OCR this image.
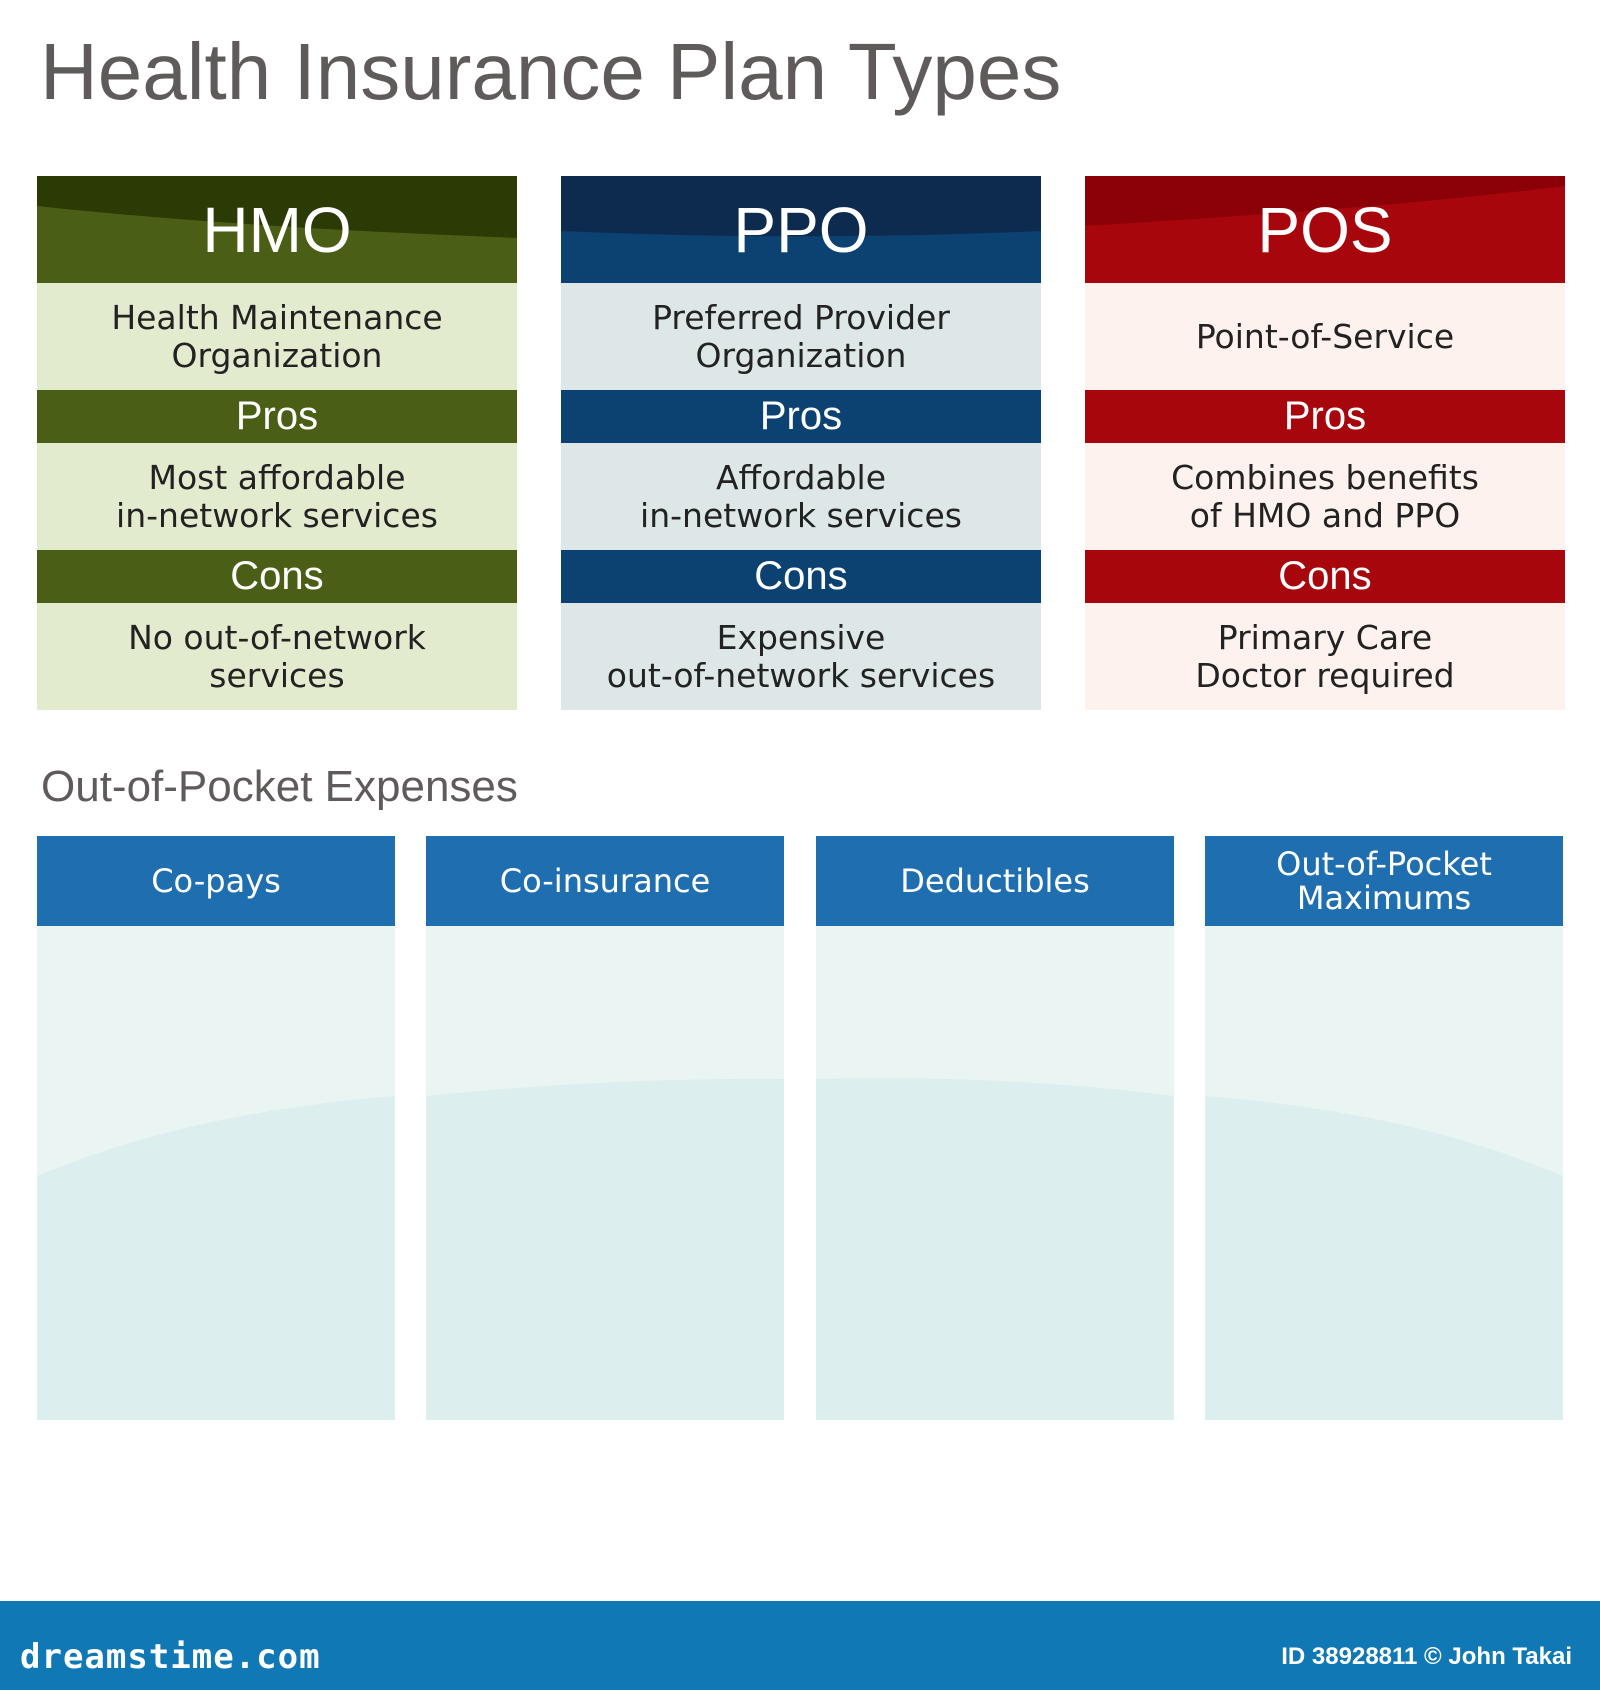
Health Insurance Plan Types
HMO
Health Maintenance
Organization
Pros
Most affordable
in-network services
Cons
No out-of-network
services
PPO
Preferred Provider
Organization
Pros
Affordable
in-network services
Cons
Expensive
out-of-network services
POS
Point-of-Service
Pros
Combines benefits
of HMO and PPO
Cons
Primary Care
Doctor required
Out-of-Pocket Expenses
Co-pays	Co-insurance	Deductibles	Out-of-Pocket
Maximums
dreamstime.com	ID 38928811 © John Takai
